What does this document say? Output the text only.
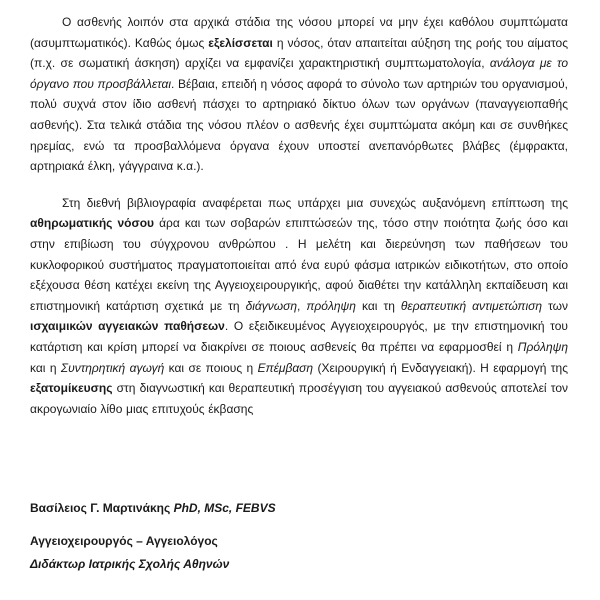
Ο ασθενής λοιπόν στα αρχικά στάδια της νόσου μπορεί να μην έχει καθόλου συμπτώματα (ασυμπτωματικός). Καθώς όμως εξελίσσεται η νόσος, όταν απαιτείται αύξηση της ροής του αίματος (π.χ. σε σωματική άσκηση) αρχίζει να εμφανίζει χαρακτηριστική συμπτωματολογία, ανάλογα με το όργανο που προσβάλλεται. Βέβαια, επειδή η νόσος αφορά το σύνολο των αρτηριών του οργανισμού, πολύ συχνά στον ίδιο ασθενή πάσχει το αρτηριακό δίκτυο όλων των οργάνων (παναγγειοπαθής ασθενής). Στα τελικά στάδια της νόσου πλέον ο ασθενής έχει συμπτώματα ακόμη και σε συνθήκες ηρεμίας, ενώ τα προσβαλλόμενα όργανα έχουν υποστεί ανεπανόρθωτες βλάβες (έμφρακτα, αρτηριακά έλκη, γάγγραινα κ.α.).

Στη διεθνή βιβλιογραφία αναφέρεται πως υπάρχει μια συνεχώς αυξανόμενη επίπτωση της αθηρωματικής νόσου άρα και των σοβαρών επιπτώσεών της, τόσο στην ποιότητα ζωής όσο και στην επιβίωση του σύγχρονου ανθρώπου . Η μελέτη και διερεύνηση των παθήσεων του κυκλοφορικού συστήματος πραγματοποιείται από ένα ευρύ φάσμα ιατρικών ειδικοτήτων, στο οποίο εξέχουσα θέση κατέχει εκείνη της Αγγειοχειρουργικής, αφού διαθέτει την κατάλληλη εκπαίδευση και επιστημονική κατάρτιση σχετικά με τη διάγνωση, πρόληψη και τη θεραπευτική αντιμετώπιση των ισχαιμικών αγγειακών παθήσεων. Ο εξειδικευμένος Αγγειοχειρουργός, με την επιστημονική του κατάρτιση και κρίση μπορεί να διακρίνει σε ποιους ασθενείς θα πρέπει να εφαρμοσθεί η Πρόληψη και η Συντηρητική αγωγή και σε ποιους η Επέμβαση (Χειρουργική ή Ενδαγγειακή). Η εφαρμογή της εξατομίκευσης στη διαγνωστική και θεραπευτική προσέγγιση του αγγειακού ασθενούς αποτελεί τον ακρογωνιαίο λίθο μιας επιτυχούς έκβασης

Βασίλειος Γ. Μαρτινάκης PhD, MSc, FEBVS

Αγγειοχειρουργός – Αγγειολόγος

Διδάκτωρ Ιατρικής Σχολής Αθηνών
